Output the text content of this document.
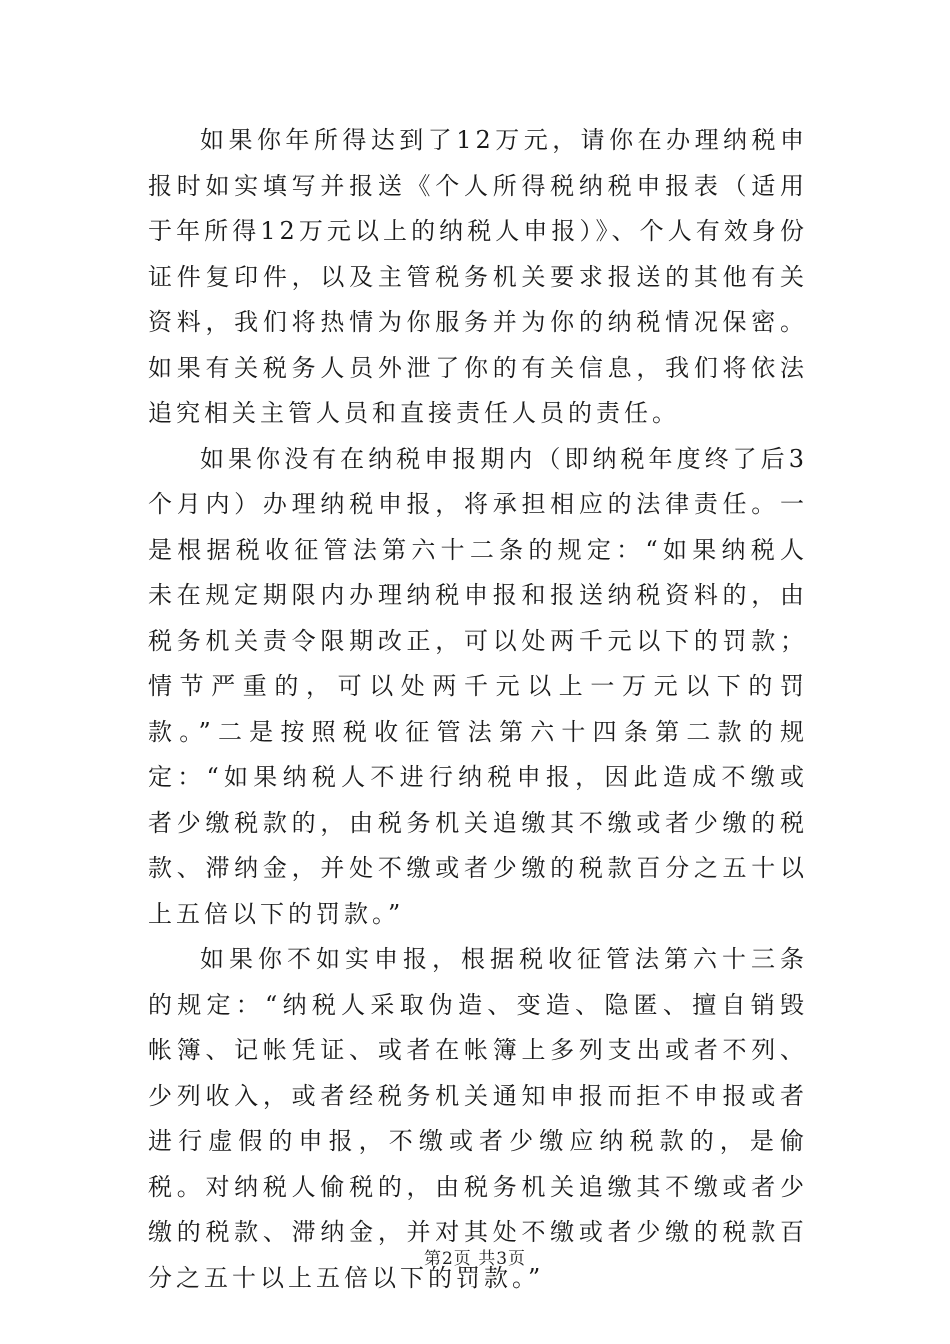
如果你年所得达到了12万元，请你在办理纳税申报时如实填写并报送《个人所得税纳税申报表（适用于年所得12万元以上的纳税人申报）》、个人有效身份证件复印件，以及主管税务机关要求报送的其他有关资料，我们将热情为你服务并为你的纳税情况保密。如果有关税务人员外泄了你的有关信息，我们将依法追究相关主管人员和直接责任人员的责任。

如果你没有在纳税申报期内（即纳税年度终了后3个月内）办理纳税申报，将承担相应的法律责任。一是根据税收征管法第六十二条的规定：“如果纳税人未在规定期限内办理纳税申报和报送纳税资料的，由税务机关责令限期改正，可以处两千元以下的罚款；情节严重的，可以处两千元以上一万元以下的罚款。”二是按照税收征管法第六十四条第二款的规定：“如果纳税人不进行纳税申报，因此造成不缴或者少缴税款的，由税务机关追缴其不缴或者少缴的税款、滞纳金，并处不缴或者少缴的税款百分之五十以上五倍以下的罚款。”

如果你不如实申报，根据税收征管法第六十三条的规定：“纳税人采取伪造、变造、隐匿、擅自销毁帐簿、记帐凭证、或者在帐簿上多列支出或者不列、少列收入，或者经税务机关通知申报而拒不申报或者进行虚假的申报，不缴或者少缴应纳税款的，是偷税。对纳税人偷税的，由税务机关追缴其不缴或者少缴的税款、滞纳金，并对其处不缴或者少缴的税款百分之五十以上五倍以下的罚款。”

第2页 共3页
